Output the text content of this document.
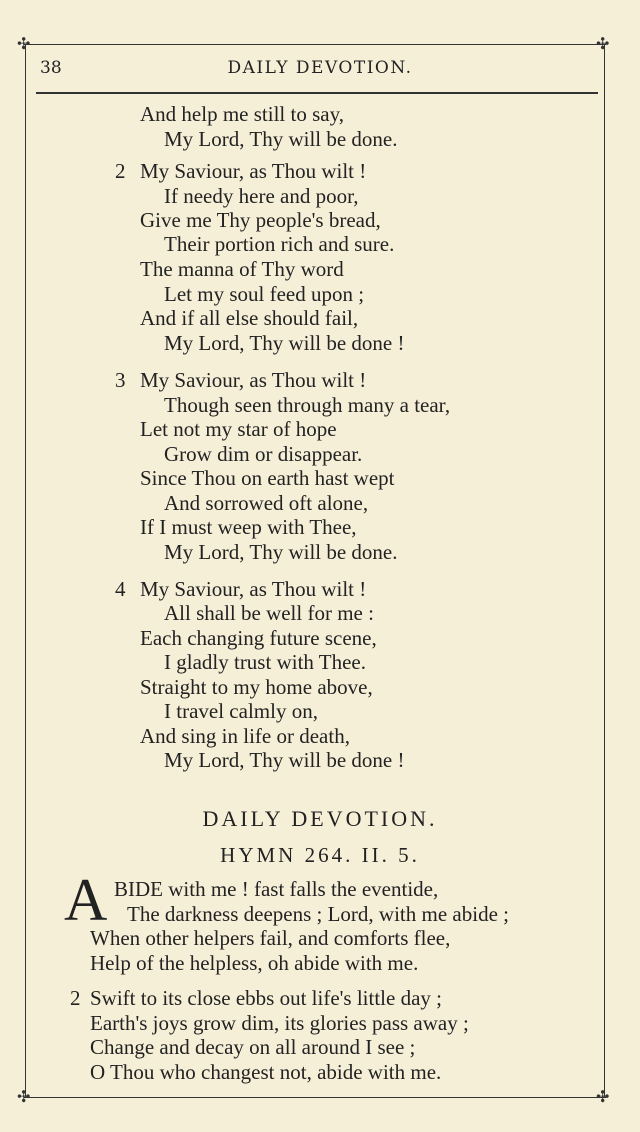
✣	✣
✣	✣
38	DAILY DEVOTION.
And help me still to say,
My Lord, Thy will be done.
2 My Saviour, as Thou wilt !
If needy here and poor,
Give me Thy people's bread,
Their portion rich and sure.
The manna of Thy word
Let my soul feed upon ;
And if all else should fail,
My Lord, Thy will be done !
3 My Saviour, as Thou wilt !
Though seen through many a tear,
Let not my star of hope
Grow dim or disappear.
Since Thou on earth hast wept
And sorrowed oft alone,
If I must weep with Thee,
My Lord, Thy will be done.
4 My Saviour, as Thou wilt !
All shall be well for me :
Each changing future scene,
I gladly trust with Thee.
Straight to my home above,
I travel calmly on,
And sing in life or death,
My Lord, Thy will be done !
DAILY DEVOTION.
HYMN 264. II. 5.
A BIDE with me ! fast falls the eventide,
The darkness deepens ; Lord, with me abide ;
When other helpers fail, and comforts flee,
Help of the helpless, oh abide with me.
2 Swift to its close ebbs out life's little day ;
Earth's joys grow dim, its glories pass away ;
Change and decay on all around I see ;
O Thou who changest not, abide with me.
